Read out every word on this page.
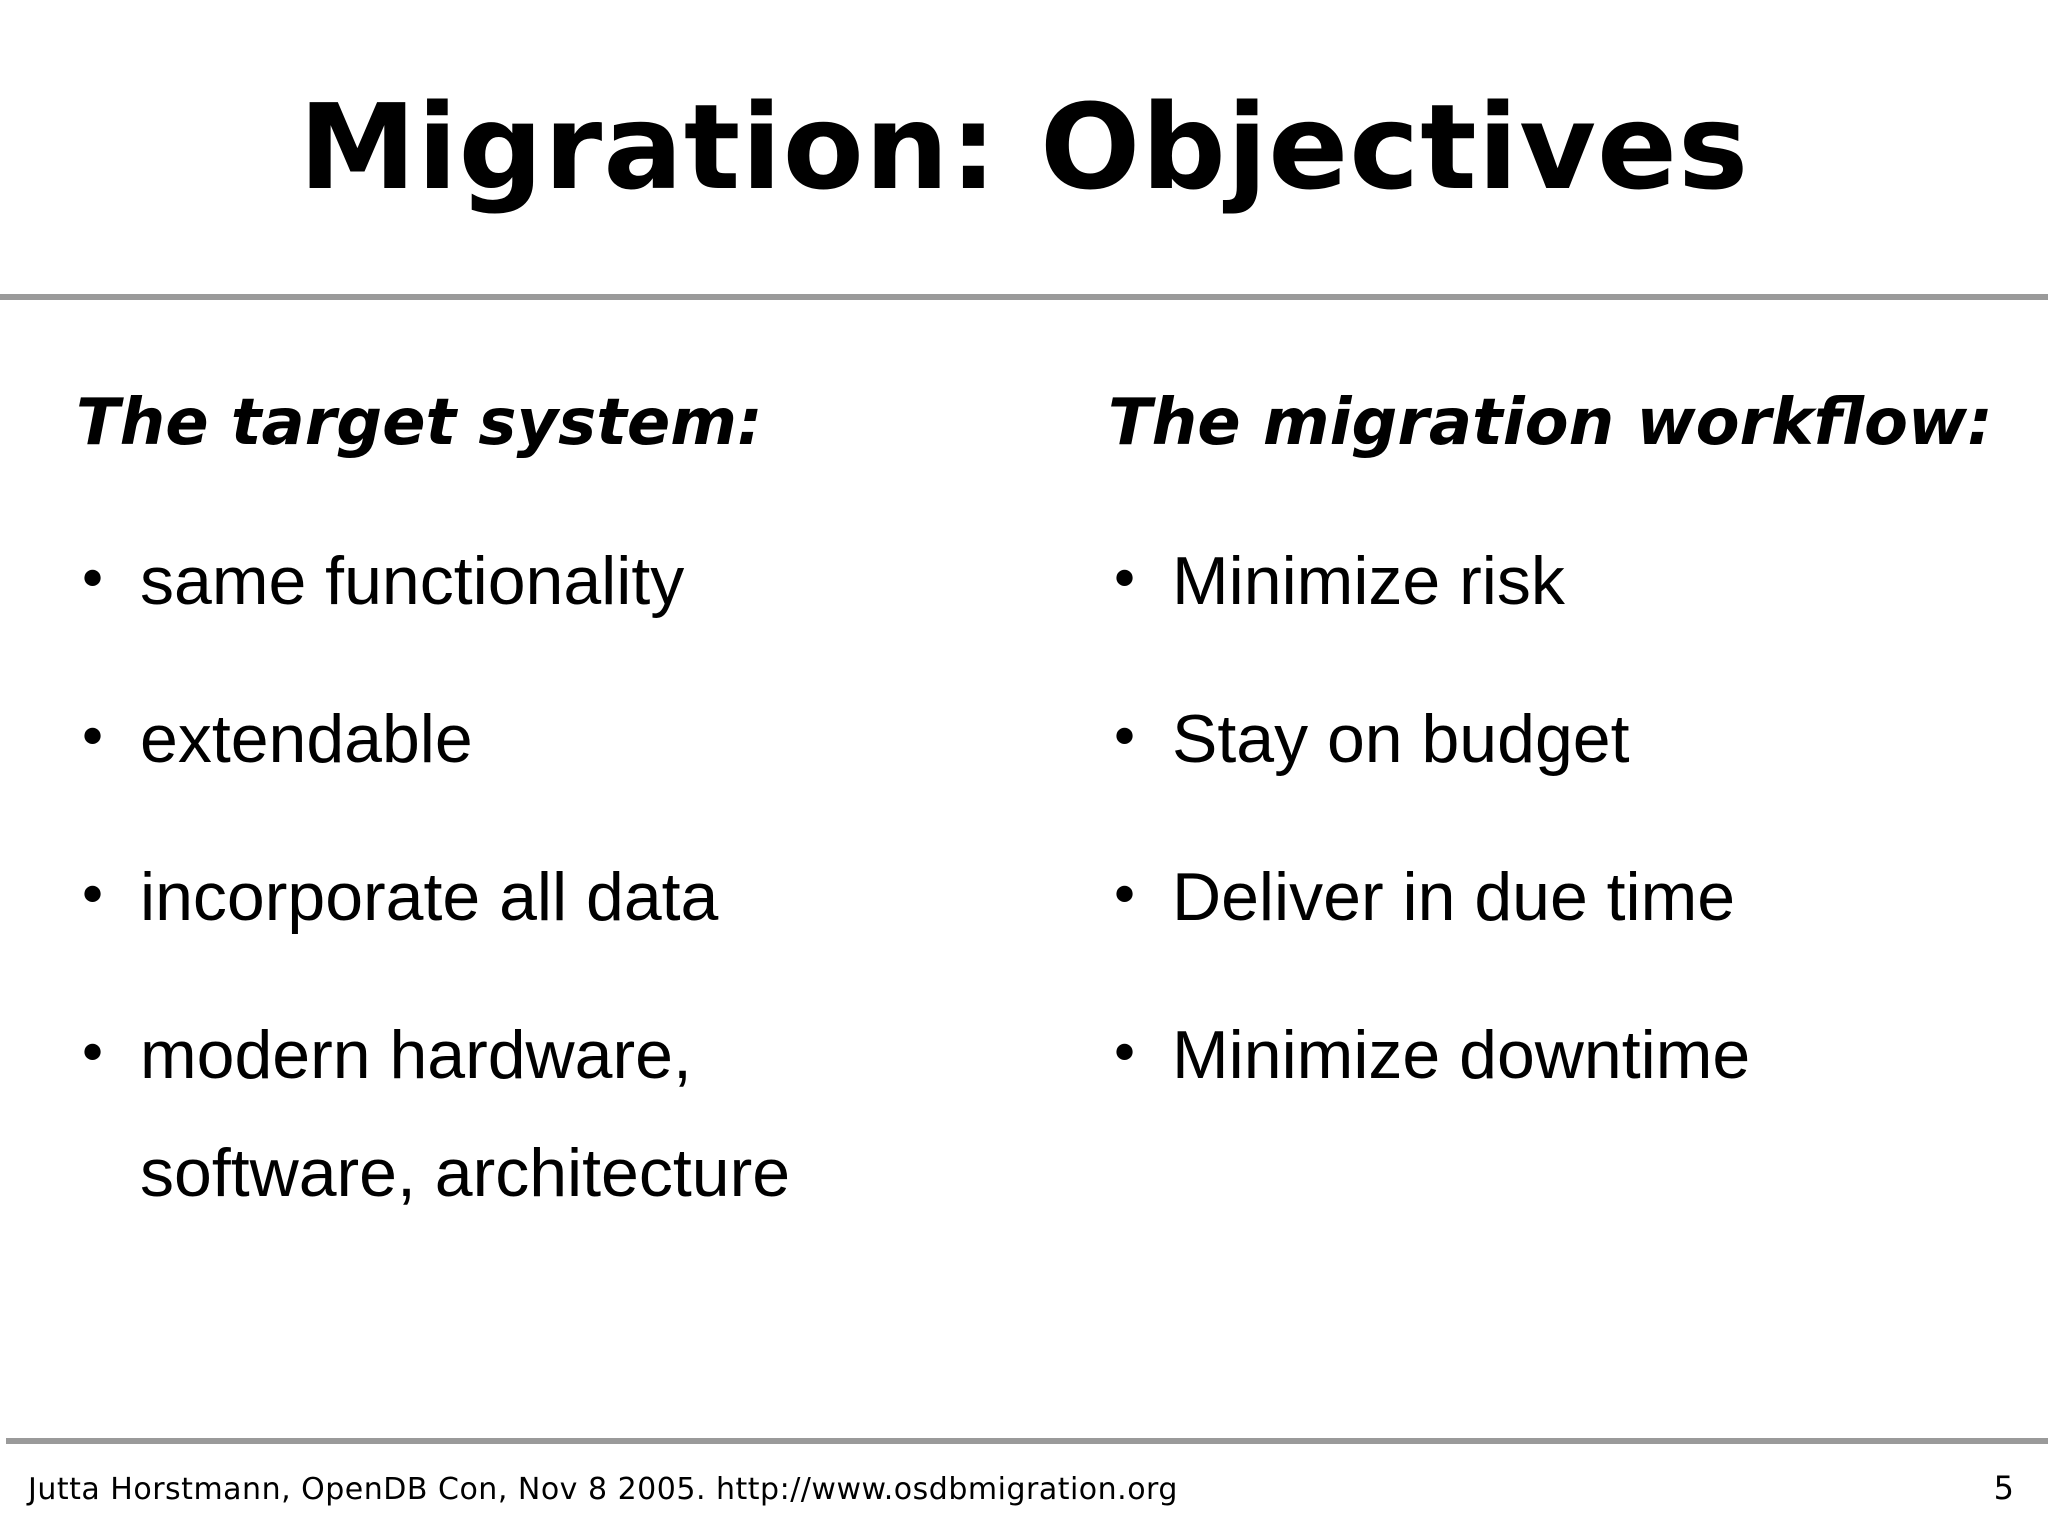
Migration: Objectives
The target system:
• same functionality
• extendable
• incorporate all data
• modern hardware,
software, architecture
The migration workflow:
• Minimize risk
• Stay on budget
• Deliver in due time
• Minimize downtime
Jutta Horstmann, OpenDB Con, Nov 8 2005. http://www.osdbmigration.org	5
